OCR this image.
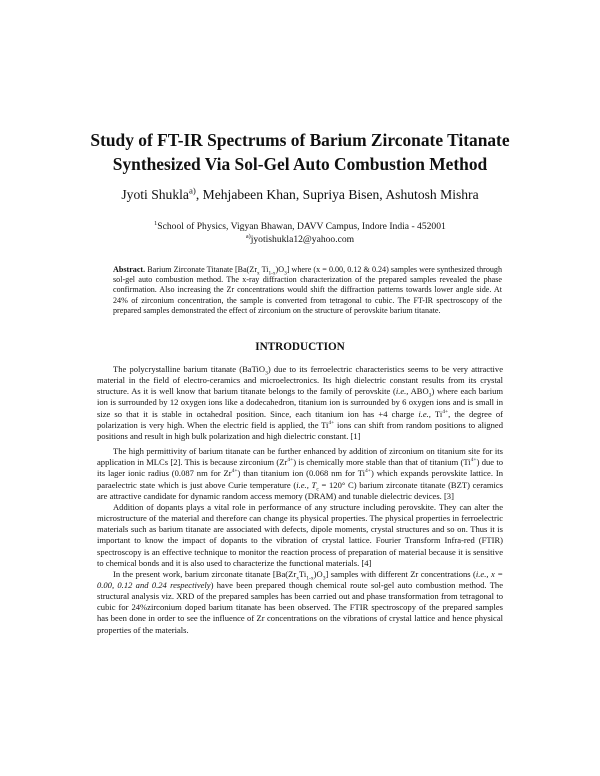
Study of FT-IR Spectrums of Barium Zirconate Titanate
Synthesized Via Sol-Gel Auto Combustion Method
Jyoti Shukla$^{a)}$, Mehjabeen Khan, Supriya Bisen, Ashutosh Mishra
$^1$School of Physics, Vigyan Bhawan, DAVV Campus, Indore India - 452001
$^{a)}$jyotishukla12@yahoo.com
Abstract. Barium Zirconate Titanate [$Ba(Zr_x$ $Ti_{1-x})O_3$] where (x = 0.00, 0.12 & 0.24) samples were synthesized through sol-gel auto combustion method. The x-ray diffraction characterization of the prepared samples revealed the phase confirmation. Also increasing the Zr concentrations would shift the diffraction patterns towards lower angle side. At 24% of zirconium concentration, the sample is converted from tetragonal to cubic. The FT-IR spectroscopy of the prepared samples demonstrated the effect of zirconium on the structure of perovskite barium titanate.
INTRODUCTION

The polycrystalline barium titanate (BaTiO$_3$) due to its ferroelectric characteristics seems to be very attractive material in the field of electro-ceramics and microelectronics. Its high dielectric constant results from its crystal structure. As it is well know that barium titanate belongs to the family of perovskite (i.e., $ABO_3$) where each barium ion is surrounded by 12 oxygen ions like a dodecahedron, titanium ion is surrounded by 6 oxygen ions and is small in size so that it is stable in octahedral position. Since, each titanium ion has +4 charge i.e., $Ti^{4+}$, the degree of polarization is very high. When the electric field is applied, the $Ti^{4+}$ ions can shift from random positions to aligned positions and result in high bulk polarization and high dielectric constant. [1]

The high permittivity of barium titanate can be further enhanced by addition of zirconium on titanium site for its application in MLCs [2]. This is because zirconium $(Zr^{4+})$ is chemically more stable than that of titanium $(Ti^{4+})$ due to its lager ionic radius (0.087 nm for $Zr^{4+}$) than titanium ion (0.068 nm for $Ti^{4+}$) which expands perovskite lattice. In paraelectric state which is just above Curie temperature (i.e., $T_c = 120^\circ$ C) barium zirconate titanate (BZT) ceramics are attractive candidate for dynamic random access memory (DRAM) and tunable dielectric devices. [3]

Addition of dopants plays a vital role in performance of any structure including perovskite. They can alter the microstructure of the material and therefore can change its physical properties. The physical properties in ferroelectric materials such as barium titanate are associated with defects, dipole moments, crystal structures and so on. Thus it is important to know the impact of dopants to the vibration of crystal lattice. Fourier Transform Infra-red (FTIR) spectroscopy is an effective technique to monitor the reaction process of preparation of material because it is sensitive to chemical bonds and it is also used to characterize the functional materials. [4]

In the present work, barium zirconate titanate $[Ba(Zr_xTi_{1-x})O_3]$ samples with different Zr concentrations (i.e., x = 0.00, 0.12 and 0.24 respectively) have been prepared though chemical route sol-gel auto combustion method. The structural analysis viz. XRD of the prepared samples has been carried out and phase transformation from tetragonal to cubic for 24%zirconium doped barium titanate has been observed. The FTIR spectroscopy of the prepared samples has been done in order to see the influence of Zr concentrations on the vibrations of crystal lattice and hence physical properties of the materials.
